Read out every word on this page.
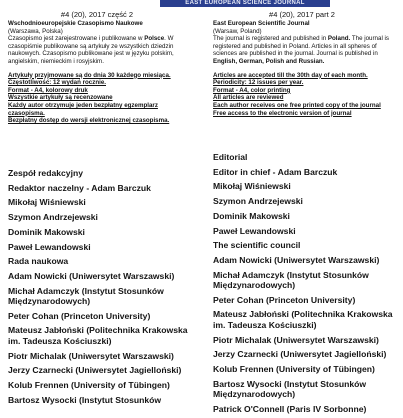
EAST EUROPEAN SCIENCE JOURNAL

#4 (20), 2017 część 2

Wschodnioeuropejskie Czasopismo Naukowe

(Warszawa, Polska)

Czasopismo jest zarejestrowane i publikowane w Polsce. W czasopiśmie publikowane są artykuły ze wszystkich dziedzin naukowych. Czasopismo publikowane jest w języku polskim, angielskim, niemieckim i rosyjskim.

Artykuły przyjmowane są do dnia 30 każdego miesiąca.

Częstotliwość: 12 wydań rocznie.

Format - A4, kolorowy druk

Wszystkie artykuły są recenzowane

Każdy autor otrzymuje jeden bezpłatny egzemplarz czasopisma.

Bezpłatny dostęp do wersji elektronicznej czasopisma.

#4 (20), 2017 part 2

East European Scientific Journal

(Warsaw, Poland)

The journal is registered and published in Poland. The journal is registered and published in Poland. Articles in all spheres of sciences are published in the journal. Journal is published in English, German, Polish and Russian.

Articles are accepted till the 30th day of each month.

Periodicity: 12 issues per year.

Format - A4, color printing

All articles are reviewed

Each author receives one free printed copy of the journal

Free access to the electronic version of journal

Zespół redakcyjny

Redaktor naczelny - Adam Barczuk

Mikołaj Wiśniewski

Szymon Andrzejewski

Dominik Makowski

Paweł Lewandowski

Rada naukowa

Adam Nowicki (Uniwersytet Warszawski)

Michał Adamczyk (Instytut Stosunków Międzynarodowych)

Peter Cohan (Princeton University)

Mateusz Jabłoński (Politechnika Krakowska im. Tadeusza Kościuszki)

Piotr Michalak (Uniwersytet Warszawski)

Jerzy Czarnecki (Uniwersytet Jagielloński)

Kolub Frennen (University of Tübingen)

Bartosz Wysocki (Instytut Stosunków

Editorial

Editor in chief - Adam Barczuk

Mikołaj Wiśniewski

Szymon Andrzejewski

Dominik Makowski

Paweł Lewandowski

The scientific council

Adam Nowicki (Uniwersytet Warszawski)

Michał Adamczyk (Instytut Stosunków Międzynarodowych)

Peter Cohan (Princeton University)

Mateusz Jabłoński (Politechnika Krakowska im. Tadeusza Kościuszki)

Piotr Michalak (Uniwersytet Warszawski)

Jerzy Czarnecki (Uniwersytet Jagielloński)

Kolub Frennen (University of Tübingen)

Bartosz Wysocki (Instytut Stosunków Międzynarodowych)

Patrick O'Connell (Paris IV Sorbonne)
